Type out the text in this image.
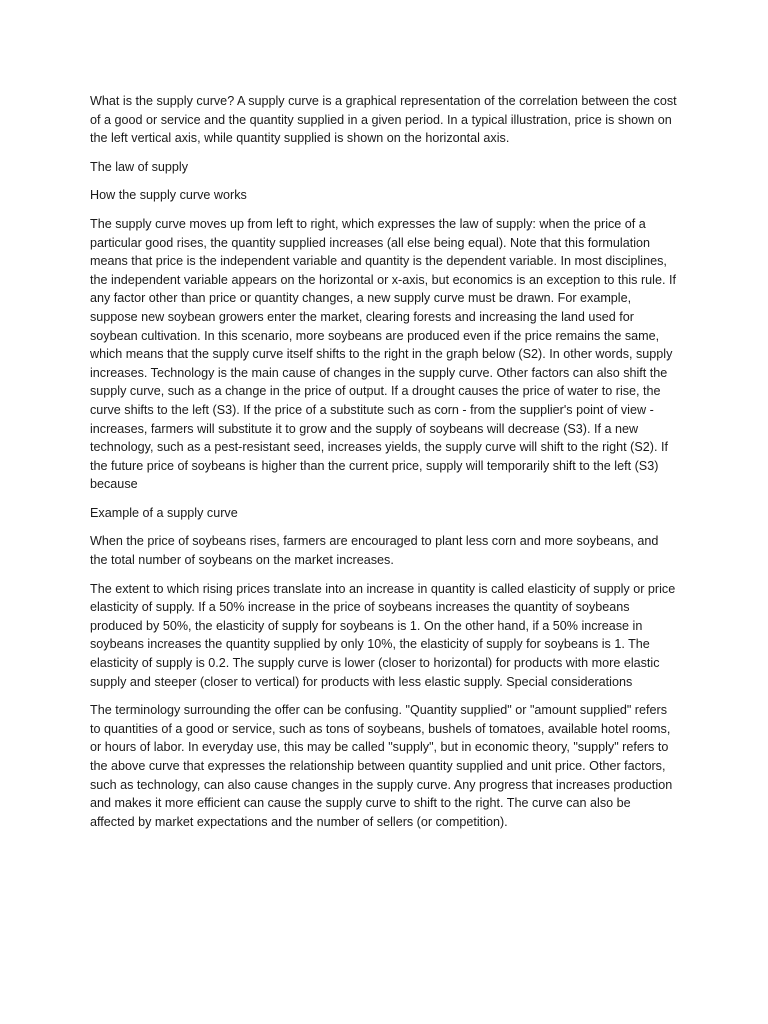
What is the supply curve? A supply curve is a graphical representation of the correlation between the cost of a good or service and the quantity supplied in a given period. In a typical illustration, price is shown on the left vertical axis, while quantity supplied is shown on the horizontal axis.

The law of supply

How the supply curve works

The supply curve moves up from left to right, which expresses the law of supply: when the price of a particular good rises, the quantity supplied increases (all else being equal). Note that this formulation means that price is the independent variable and quantity is the dependent variable. In most disciplines, the independent variable appears on the horizontal or x-axis, but economics is an exception to this rule. If any factor other than price or quantity changes, a new supply curve must be drawn. For example, suppose new soybean growers enter the market, clearing forests and increasing the land used for soybean cultivation. In this scenario, more soybeans are produced even if the price remains the same, which means that the supply curve itself shifts to the right in the graph below (S2). In other words, supply increases. Technology is the main cause of changes in the supply curve. Other factors can also shift the supply curve, such as a change in the price of output. If a drought causes the price of water to rise, the curve shifts to the left (S3). If the price of a substitute such as corn - from the supplier's point of view - increases, farmers will substitute it to grow and the supply of soybeans will decrease (S3). If a new technology, such as a pest-resistant seed, increases yields, the supply curve will shift to the right (S2). If the future price of soybeans is higher than the current price, supply will temporarily shift to the left (S3) because

Example of a supply curve

When the price of soybeans rises, farmers are encouraged to plant less corn and more soybeans, and the total number of soybeans on the market increases.

The extent to which rising prices translate into an increase in quantity is called elasticity of supply or price elasticity of supply. If a 50% increase in the price of soybeans increases the quantity of soybeans produced by 50%, the elasticity of supply for soybeans is 1. On the other hand, if a 50% increase in soybeans increases the quantity supplied by only 10%, the elasticity of supply for soybeans is 1. The elasticity of supply is 0.2. The supply curve is lower (closer to horizontal) for products with more elastic supply and steeper (closer to vertical) for products with less elastic supply. Special considerations

The terminology surrounding the offer can be confusing. "Quantity supplied" or "amount supplied" refers to quantities of a good or service, such as tons of soybeans, bushels of tomatoes, available hotel rooms, or hours of labor. In everyday use, this may be called "supply", but in economic theory, "supply" refers to the above curve that expresses the relationship between quantity supplied and unit price. Other factors, such as technology, can also cause changes in the supply curve. Any progress that increases production and makes it more efficient can cause the supply curve to shift to the right. The curve can also be affected by market expectations and the number of sellers (or competition).
